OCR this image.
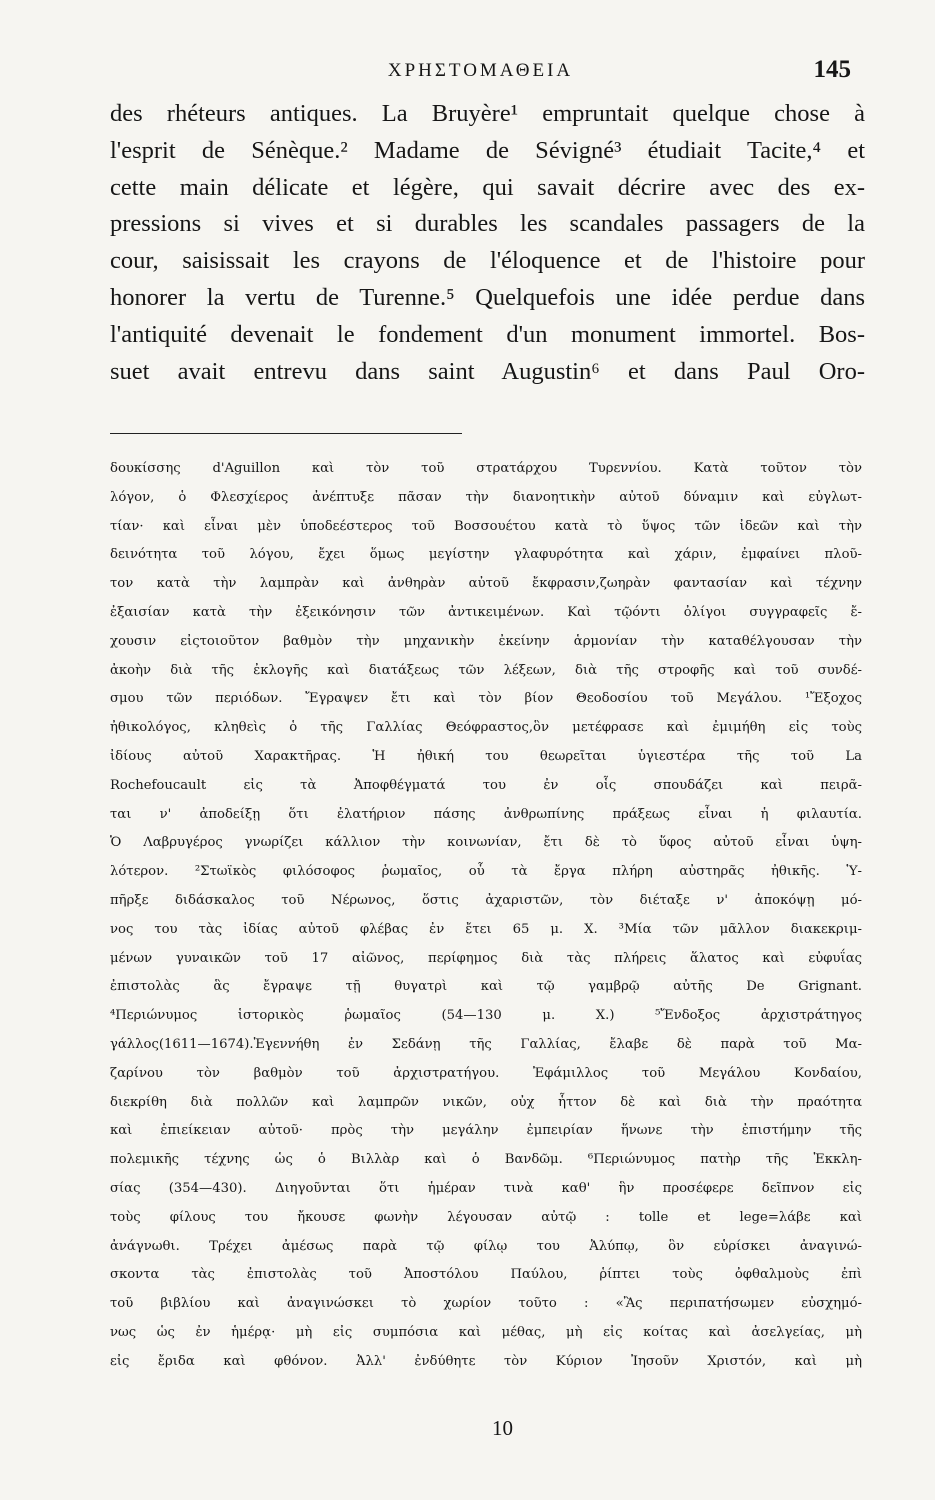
ΧΡΗΣΤΟΜΑΘΕΙΑ	145
des rhéteurs antiques. La Bruyère¹ empruntait quelque chose à
l'esprit de Sénèque.² Madame de Sévigné³ étudiait Tacite,⁴ et
cette main délicate et légère, qui savait décrire avec des ex-
pressions si vives et si durables les scandales passagers de la
cour, saisissait les crayons de l'éloquence et de l'histoire pour
honorer la vertu de Turenne.⁵ Quelquefois une idée perdue dans
l'antiquité devenait le fondement d'un monument immortel. Bos-
suet avait entrevu dans saint Augustin⁶ et dans Paul Oro-
δουκίσσης d'Aguillon καὶ τὸν τοῦ στρατάρχου Τυρεννίου. Κατὰ τοῦτον τὸν
λόγον, ὁ Φλεσχίερος ἀνέπτυξε πᾶσαν τὴν διανοητικὴν αὐτοῦ δύναμιν καὶ εὐγλωτ-
τίαν· καὶ εἶναι μὲν ὑποδεέστερος τοῦ Βοσσουέτου κατὰ τὸ ὕψος τῶν ἰδεῶν καὶ τὴν
δεινότητα τοῦ λόγου, ἔχει ὅμως μεγίστην γλαφυρότητα καὶ χάριν, ἐμφαίνει πλοῦ-
τον κατὰ τὴν λαμπρὰν καὶ ἀνθηρὰν αὐτοῦ ἔκφρασιν,ζωηρὰν φαντασίαν καὶ τέχνην
ἐξαισίαν κατὰ τὴν ἐξεικόνησιν τῶν ἀντικειμένων. Καὶ τῷόντι ὀλίγοι συγγραφεῖς ἔ-
χουσιν εἰςτοιοῦτον βαθμὸν τὴν μηχανικὴν ἐκείνην ἁρμονίαν τὴν καταθέλγουσαν τὴν
ἀκοὴν διὰ τῆς ἐκλογῆς καὶ διατάξεως τῶν λέξεων, διὰ τῆς στροφῆς καὶ τοῦ συνδέ-
σμου τῶν περιόδων. Ἔγραψεν ἔτι καὶ τὸν βίον Θεοδοσίου τοῦ Μεγάλου. ¹Ἔξοχος
ἠθικολόγος, κληθεὶς ὁ τῆς Γαλλίας Θεόφραστος,ὃν μετέφρασε καὶ ἐμιμήθη εἰς τοὺς
ἰδίους αὐτοῦ Χαρακτῆρας. Ἡ ἠθική του θεωρεῖται ὑγιεστέρα τῆς τοῦ La
Rochefoucault εἰς τὰ Ἀποφθέγματά του ἐν οἷς σπουδάζει καὶ πειρᾶ-
ται ν' ἀποδείξῃ ὅτι ἐλατήριον πάσης ἀνθρωπίνης πράξεως εἶναι ἡ φιλαυτία.
Ὁ Λαβρυγέρος γνωρίζει κάλλιον τὴν κοινωνίαν, ἔτι δὲ τὸ ὕφος αὐτοῦ εἶναι ὑψη-
λότερον. ²Στωϊκὸς φιλόσοφος ῥωμαῖος, οὗ τὰ ἔργα πλήρη αὐστηρᾶς ἠθικῆς. Ὑ-
πῆρξε διδάσκαλος τοῦ Νέρωνος, ὅστις ἀχαριστῶν, τὸν διέταξε ν' ἀποκόψῃ μό-
νος του τὰς ἰδίας αὐτοῦ φλέβας ἐν ἔτει 65 μ. Χ. ³Μία τῶν μᾶλλον διακεκριμ-
μένων γυναικῶν τοῦ 17 αἰῶνος, περίφημος διὰ τὰς πλήρεις ἅλατος καὶ εὐφυΐας
ἐπιστολὰς ἃς ἔγραψε τῇ θυγατρὶ καὶ τῷ γαμβρῷ αὐτῆς De Grignant.
⁴Περιώνυμος ἱστορικὸς ῥωμαῖος (54—130 μ. Χ.) ⁵Ἔνδοξος ἀρχιστράτηγος
γάλλος(1611—1674).Ἐγεννήθη ἐν Σεδάνῃ τῆς Γαλλίας, ἔλαβε δὲ παρὰ τοῦ Μα-
ζαρίνου τὸν βαθμὸν τοῦ ἀρχιστρατήγου. Ἐφάμιλλος τοῦ Μεγάλου Κονδαίου,
διεκρίθη διὰ πολλῶν καὶ λαμπρῶν νικῶν, οὐχ ἧττον δὲ καὶ διὰ τὴν πραότητα
καὶ ἐπιείκειαν αὐτοῦ· πρὸς τὴν μεγάλην ἐμπειρίαν ἥνωνε τὴν ἐπιστήμην τῆς
πολεμικῆς τέχνης ὡς ὁ Βιλλὰρ καὶ ὁ Βανδῶμ. ⁶Περιώνυμος πατὴρ τῆς Ἐκκλη-
σίας (354—430). Διηγοῦνται ὅτι ἡμέραν τινὰ καθ' ἣν προσέφερε δεῖπνον εἰς
τοὺς φίλους του ἤκουσε φωνὴν λέγουσαν αὐτῷ : tolle et lege=λάβε καὶ
ἀνάγνωθι. Τρέχει ἀμέσως παρὰ τῷ φίλῳ του Ἀλύπῳ, ὃν εὑρίσκει ἀναγινώ-
σκοντα τὰς ἐπιστολὰς τοῦ Ἀποστόλου Παύλου, ῥίπτει τοὺς ὀφθαλμοὺς ἐπὶ
τοῦ βιβλίου καὶ ἀναγινώσκει τὸ χωρίον τοῦτο : «Ἂς περιπατήσωμεν εὐσχημό-
νως ὡς ἐν ἡμέρᾳ· μὴ εἰς συμπόσια καὶ μέθας, μὴ εἰς κοίτας καὶ ἀσελγείας, μὴ
εἰς ἔριδα καὶ φθόνον. Ἀλλ' ἐνδύθητε τὸν Κύριον Ἰησοῦν Χριστόν, καὶ μὴ
10
